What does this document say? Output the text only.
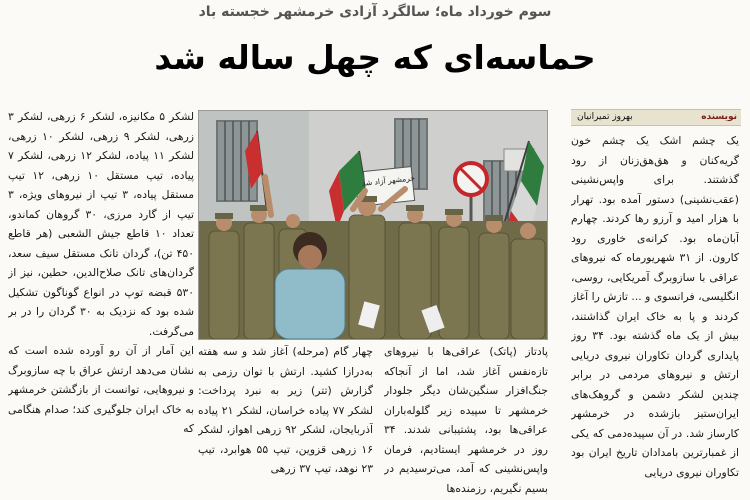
سوم خورداد ماه؛ سالگرد آزادی خرمشهر خجسته باد
حماسه‌ای که چهل ساله شد
نویسنده
بهروز تمیرانیان

یک چشم اشک یک چشم خون گریه‌کنان و هق‌هق‌زنان از رود گذشتند. برای واپس‌نشینی (عقب‌نشینی) دستور آمده بود. تهرار با هزار امید و آرزو رها کردند. چهارم آبان‌ماه بود. کرانه‌ی خاوری رود کارون. از ۳۱ شهریورماه که نیروهای عراقی با سازوبرگ آمریکایی، روسی، انگلیسی، فرانسوی و ... تازش را آغاز کردند و پا به خاک ایران گذاشتند، بیش از یک ماه گذشته بود. ۳۴ روز پایداری گردان تکاوران نیروی دریایی ارتش و نیروهای مردمی در برابر چندین لشکر دشمن و گروهک‌های ایران‌ستیز بازشده در خرمشهر کارساز شد. در آن سپیده‌دمی که یکی از غمبارترین بامدادان تاریخ ایران بود تکاوران نیروی دریایی

لشکر ۵ مکانیزه، لشکر ۶ زرهی، لشکر ۳ زرهی، لشکر ۹ زرهی، لشکر ۱۰ زرهی، لشکر ۱۱ پیاده، لشکر ۱۲ زرهی، لشکر ۷ پیاده، تیپ مستقل ۱۰ زرهی، ۱۲ تیپ مستقل پیاده، ۳ تیپ از نیروهای ویژه، ۳ تیپ از گارد مرزی، ۳۰ گروهان کماندو، تعداد ۱۰ قاطع جیش الشعبی (هر قاطع ۴۵۰ تن)، گردان تانک مستقل سیف سعد، گردان‌های تانک صلاح‌الدین، حطین، نیز از ۵۳۰ قبضه توپ در انواع گوناگون تشکیل شده بود که نزدیک به ۳۰ گردان را در بر می‌گرفت.

این آمار از آن رو آورده شده است که نشان می‌دهد ارتش عراق با چه سازوبرگ و نیروهایی، توانست از بازگشتن خرمشهر به خاک ایران جلوگیری کند؛ صدام هنگامی که

خرمشهر آزاد شد

چهار گام (مرحله) آغاز شد و سه هفته به‌درازا کشید. ارتش با توان رزمی به گزارش (تتر) زیر به نبرد پرداخت: لشکر ۷۷ پیاده خراسان، لشکر ۲۱ پیاده آذربایجان، لشکر ۹۲ زرهی اهواز، لشکر ۱۶ زرهی قزوین، تیپ ۵۵ هوابرد، تیپ ۲۳ نوهد، تیپ ۳۷ زرهی

پادتاز (پاتک) عراقی‌ها با نیروهای تازه‌نفس آغاز شد، اما از آنجاکه جنگ‌افزار سنگین‌شان دیگر جلودار خرمشهر تا سپیده زیر گلوله‌باران عراقی‌ها بود، پشتیبانی شدند. ۳۴ روز در خرمشهر ایستادیم، فرمان واپس‌نشینی که آمد، می‌ترسیدیم در بسیم نگیریم، رزمنده‌ها
